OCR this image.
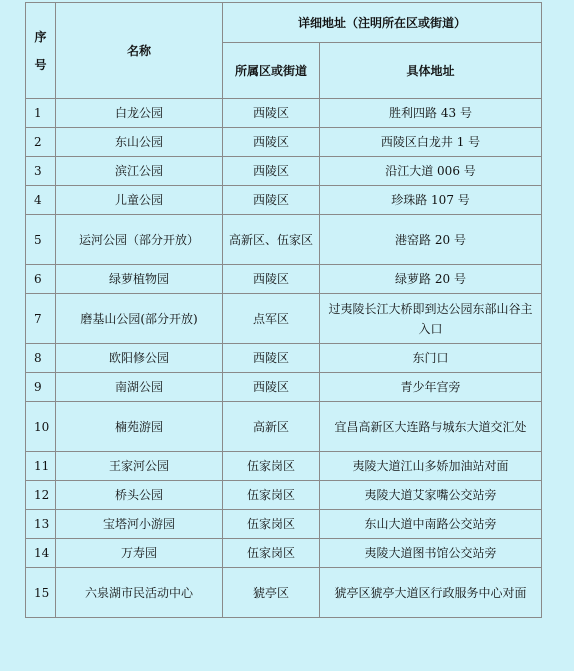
序号	名称	详细地址（注明所在区或街道）	
		所属区或街道	具体地址
1	白龙公园	西陵区	胜利四路 43 号
2	东山公园	西陵区	西陵区白龙井 1 号
3	滨江公园	西陵区	沿江大道 006 号
4	儿童公园	西陵区	珍珠路 107 号
5	运河公园（部分开放）	高新区、伍家区	港窑路 20 号
6	绿萝植物园	西陵区	绿萝路 20 号
7	磨基山公园(部分开放)	点军区	过夷陵长江大桥即到达公园东部山谷主入口
8	欧阳修公园	西陵区	东门口
9	南湖公园	西陵区	青少年宫旁
10	楠苑游园	高新区	宜昌高新区大连路与城东大道交汇处
11	王家河公园	伍家岗区	夷陵大道江山多娇加油站对面
12	桥头公园	伍家岗区	夷陵大道艾家嘴公交站旁
13	宝塔河小游园	伍家岗区	东山大道中南路公交站旁
14	万寿园	伍家岗区	夷陵大道图书馆公交站旁
15	六泉湖市民活动中心	猇亭区	猇亭区猇亭大道区行政服务中心对面
